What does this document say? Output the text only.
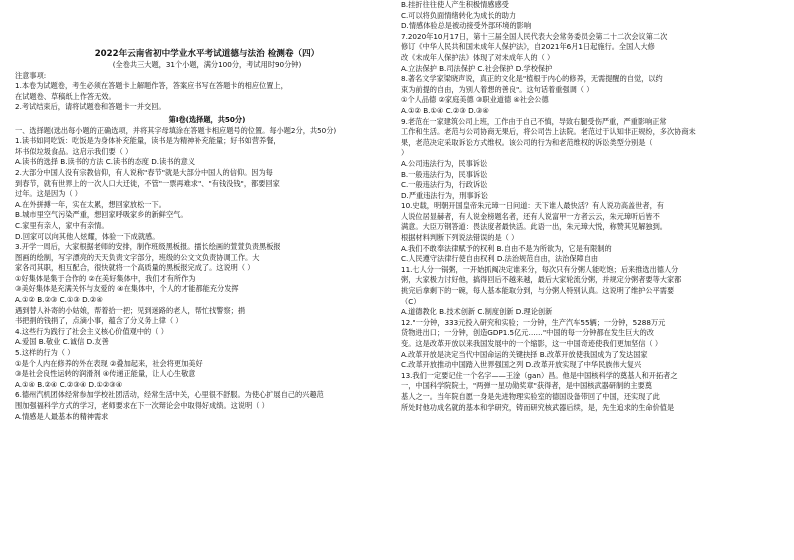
2022年云南省初中学业水平考试道德与法治 检测卷（四）
(全卷共三大题，31个小题，满分100分，考试用时90分钟)
注意事项:
1.本卷为试题卷，考生必须在答题卡上解题作答，答案应书写在答题卡的相应位置上，
在试题卷、草稿纸上作答无效。
2.考试结束后，请将试题卷和答题卡一并交回。
第Ⅰ卷(选择题，共50分)
一、选择题(选出每小题的正确选项，并将其字母填涂在答题卡相应题号的位置。每小题2分，共50分)
1.读书如同吃饭：吃饭是为身体补充能量，读书是为精神补充能量；好书如营养餐，
坏书似垃圾食品。这启示我们要（ ）
A.读书的选择 B.读书的方法 C.读书的态度 D.读书的意义
2.大部分中国人没有宗教信仰，有人说称"春节"就是大部分中国人的信仰。因为每
到春节，就有世界上的一次人口大迁徙，不管"一票再难求"、"有钱没钱"，都要回家
过年。这是因为（ ）
A.在外拼搏一年，实在太累，想回家放松一下。
B.城市里空气污染严重，想回家呼吸家乡的新鲜空气。
C.家里有亲人，家中有亲情。
D.回家可以向其他人炫耀，体验一下成就感。
3.开学一周后，大家根据老师的安排，制作班级黑板报。擂长绘画的萱萱负责黑板报
图画的绘制，写字漂亮的天天负责文字部分，班级的公文文负责协调工作。大
家各司其职，相互配合，很快就将一个高质量的黑板报完成了。这说明（ ）
①好集体是集于合作的 ②在美好集体中，我们才有所作为
③美好集体是充满关怀与友爱的 ④在集体中，个人的才能都能充分发挥
A.①② B.②③ C.①③ D.②④
遇到替人补寄的小姑娘，帮着拾一把；见到迷路的老人，帮忙找警察；捐
书把捐的钱捐了，点滴小事，蕴含了分义务上律（ ）
4.这些行为践行了社会主义核心价值观中的（ ）
A.爱国 B.敬业 C.诚信 D.友善
5.这样的行为（ ）
①是个人内在修养的外在表现 ②叠加起来，社会将更加美好
③是社会良性运转的润滑剂 ④传递正能量，让人心生敬意
A.①④ B.②④ C.②③④ D.①②③④
6.德州汽机团体经常参加学校社团活动，经常生活中关，心里很不舒服。为使心扩展自己的兴趣范
围加强福科学方式的学习，老师要求在下一次辩论会中取得好成绩。这说明（ ）
A.情感是人最基本的精神需求
B.挂折往往使人产生积极情感感受
C.可以将负面情绪转化为成长的助力
D.情感体验总是被动接受外部环境的影响
7.2020年10月17日，第十三届全国人民代表大会常务委员会第二十二次会议第二次
修订《中华人民共和国未成年人保护法》，自2021年6月1日起施行。全国人大修
改《未成年人保护法》体现了对未成年人的（ ）
A.立法保护 B.司法保护 C.社会保护 D.学校保护
8.著名文学家梁晓声说，真正的文化是"植根于内心的修养，无需提醒的自觉，以约
束为前提的自由，为别人着想的善良"。这句话着重强调（ ）
①个人品德 ②家庭美德 ③职业道德 ④社会公德
A.①② B.①④ C.②③ D.③④
9.老范在一家建筑公司上班，工作由于自己不慎，导致右腿受伤严重，严重影响正常
工作和生活。老范与公司协商无果后，将公司告上法院。老范过于认知非正规纷，多次协商未
果，老范决定采取诉讼方式维权。该公司的行为和老范维权的诉讼类型分别是（
）
A.公司违法行为，民事诉讼
B.一般违法行为，民事诉讼
C.一般违法行为，行政诉讼
D.严重违法行为，刑事诉讼
10.史载，明朝开国皇帝朱元璋一日问道：天下谁人最快活？有人说功高盖世者，有
人说位居显赫者，有人说金榜题名者，还有人说富甲一方者云云，朱元璋听后皆不
满意。大臣万钢答道：畏法度者最快活。此语一出，朱元璋大悦，称赞其见解独到。
根据材料判断下列说法错误的是（ ）
A.我们不敢奉法律赋予的权利 B.自由不是为所欲为，它是有限制的
C.人民遵守法律行使自由权利 D.法治规范自由，法治保障自由
11.七人分一锅粥，一开始抓阄决定谁来分，每次只有分粥人能吃饱；后来推选出德人分
粥，大家极力讨好他，搞得回后不越来越，最后大家轮流分粥，并规定分粥者要等大家都
挑完后拿剩下的一碗，每人基本能取分到，与分粥人特别认真。这说明了维护公平需要
（C）
A.道德教化 B.技术创新 C.制度创新 D.理论创新
12."一分钟，333元投入研究和实验；一分钟，生产汽车55辆；一分钟，5288万元
货物进出口；一分钟，创造GDP1.5亿元……"中国的每一分钟都在发生巨大的改
变。这是改革开放以来我国发展中的一个缩影，这一中国奇迹使我们更加坚信（ ）
A.改革开放是决定当代中国命运的关键抉择 B.改革开放使我国成为了发达国家
C.改革开放推动中国踏入世界强国之列 D.改革开放实现了中华民族伟大复兴
13.我们一定要记住一个名字——王淦（gan）昌。他是中国核科学的奠基人和开拓者之
一，中国科学院院士，"两弹一星功勋奖章"获得者，是中国核武器研制的主要奠
基人之一。当年院自愿一身是先进物理实验室的德国设备带回了中国，还实现了此
所处时他功成名就的基本和学研究，铸而研究核武器后续，是，先生追求的生命价值是
